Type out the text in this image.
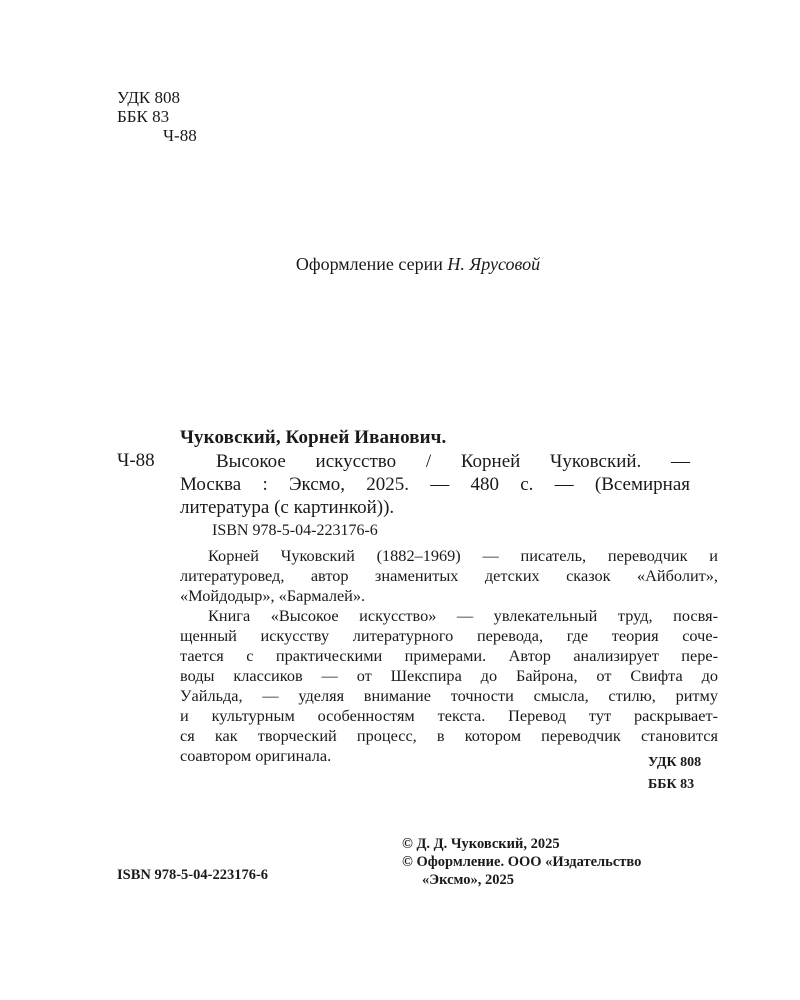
УДК 808
ББК 83
Ч-88
Оформление серии Н. Ярусовой
Чуковский, Корней Иванович.
Ч-88	Высокое искусство / Корней Чуковский. —
Москва : Эксмо, 2025. — 480 с. — (Всемирная
литература (с картинкой)).
ISBN 978-5-04-223176-6
Корней Чуковский (1882–1969) — писатель, переводчик и
литературовед, автор знаменитых детских сказок «Айболит»,
«Мойдодыр», «Бармалей».
Книга «Высокое искусство» — увлекательный труд, посвя-
щенный искусству литературного перевода, где теория соче-
тается с практическими примерами. Автор анализирует пере-
воды классиков — от Шекспира до Байрона, от Свифта до
Уайльда, — уделяя внимание точности смысла, стилю, ритму
и культурным особенностям текста. Перевод тут раскрывает-
ся как творческий процесс, в котором переводчик становится
соавтором оригинала.	УДК 808
ББК 83
© Д. Д. Чуковский, 2025
© Оформление. ООО «Издательство
«Эксмо», 2025
ISBN 978-5-04-223176-6
